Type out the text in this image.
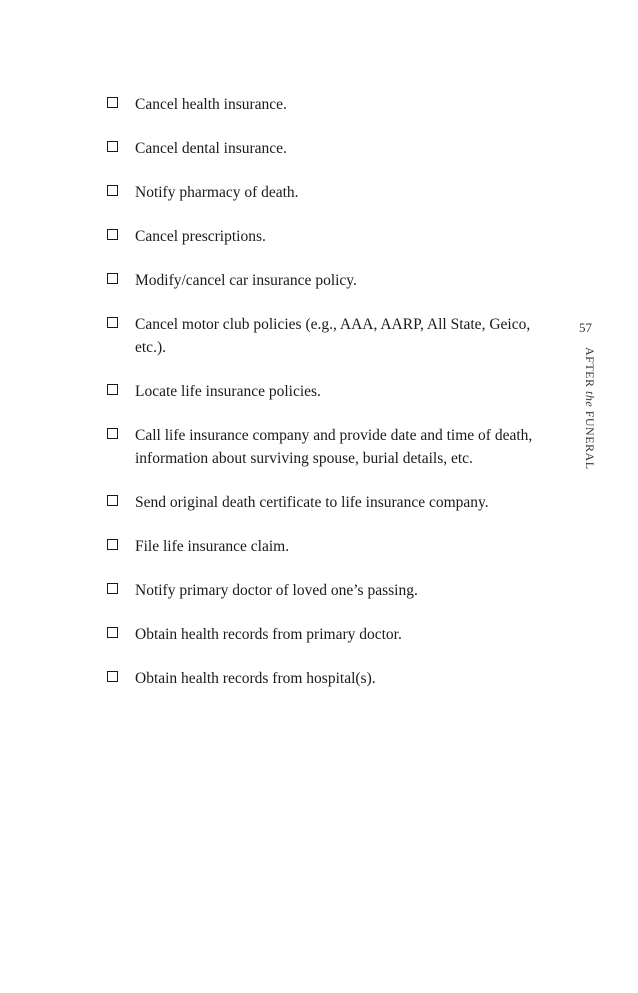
Cancel health insurance.
Cancel dental insurance.
Notify pharmacy of death.
Cancel prescriptions.
Modify/cancel car insurance policy.
Cancel motor club policies (e.g., AAA, AARP, All State, Geico, etc.).
Locate life insurance policies.
Call life insurance company and provide date and time of death, information about surviving spouse, burial details, etc.
Send original death certificate to life insurance company.
File life insurance claim.
Notify primary doctor of loved one’s passing.
Obtain health records from primary doctor.
Obtain health records from hospital(s).
57
AFTER the FUNERAL
